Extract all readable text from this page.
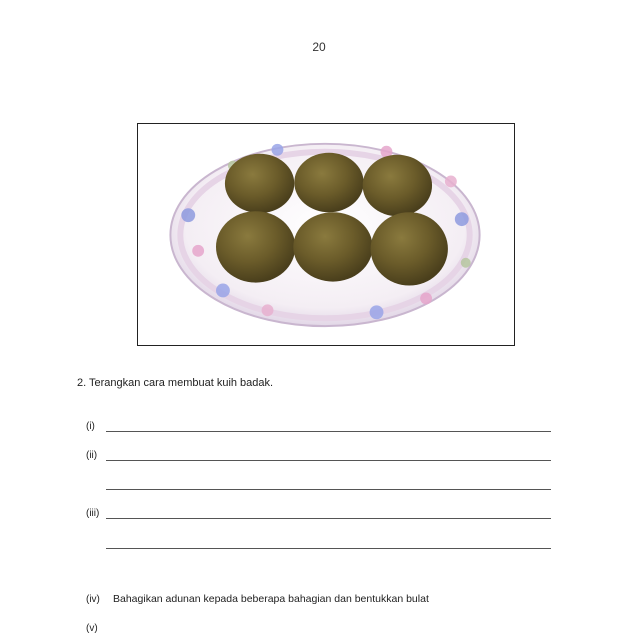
20
2. Terangkan cara membuat kuih badak.
(i)
(ii)
(iii)
(iv) Bahagikan adunan kepada beberapa bahagian dan bentukkan bulat
(v)
